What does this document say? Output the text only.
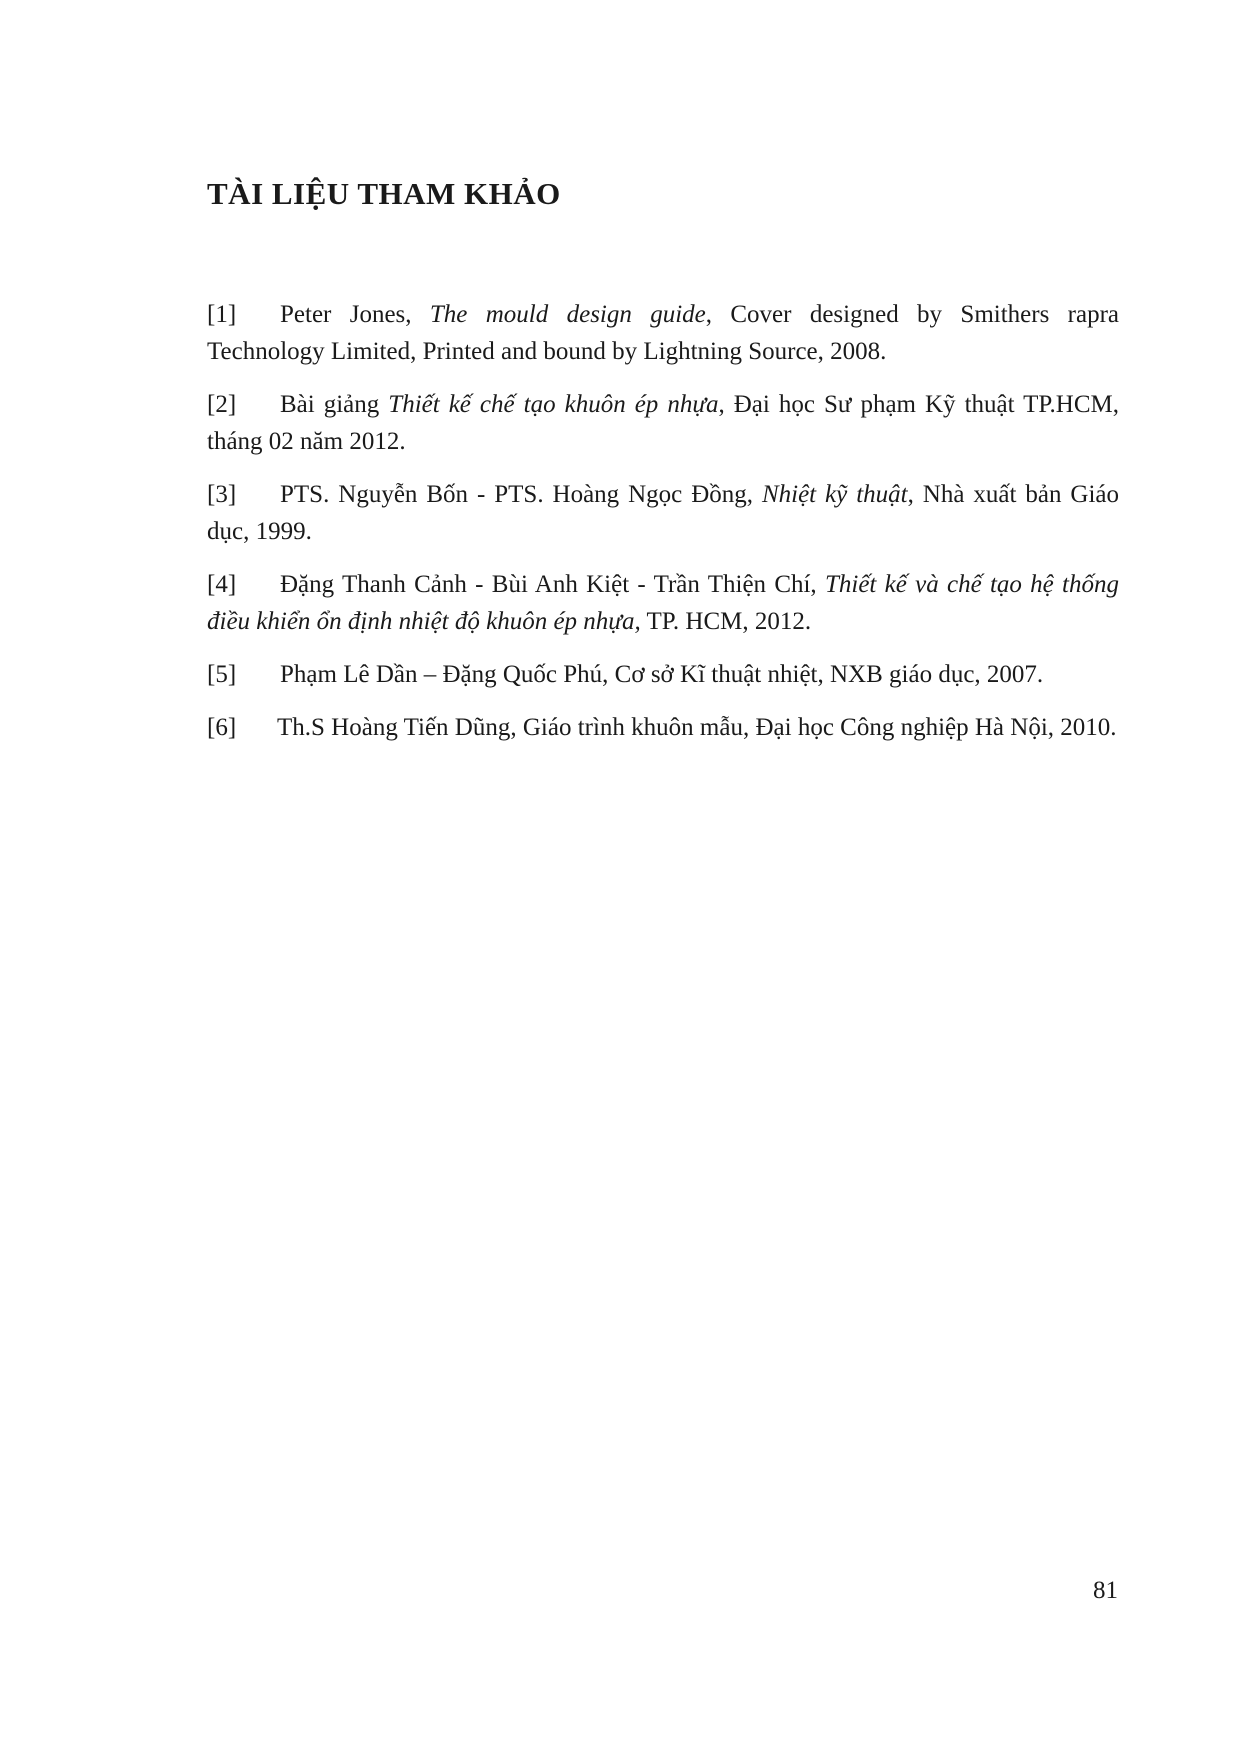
TÀI LIỆU THAM KHẢO
[1] Peter Jones, The mould design guide, Cover designed by Smithers rapra Technology Limited, Printed and bound by Lightning Source, 2008.
[2] Bài giảng Thiết kế chế tạo khuôn ép nhựa, Đại học Sư phạm Kỹ thuật TP.HCM, tháng 02 năm 2012.
[3] PTS. Nguyễn Bốn - PTS. Hoàng Ngọc Đồng, Nhiệt kỹ thuật, Nhà xuất bản Giáo dục, 1999.
[4] Đặng Thanh Cảnh - Bùi Anh Kiệt - Trần Thiện Chí, Thiết kế và chế tạo hệ thống điều khiển ổn định nhiệt độ khuôn ép nhựa, TP. HCM, 2012.
[5] Phạm Lê Dần – Đặng Quốc Phú, Cơ sở Kĩ thuật nhiệt, NXB giáo dục, 2007.
[6] Th.S Hoàng Tiến Dũng, Giáo trình khuôn mẫu, Đại học Công nghiệp Hà Nội, 2010.
81
